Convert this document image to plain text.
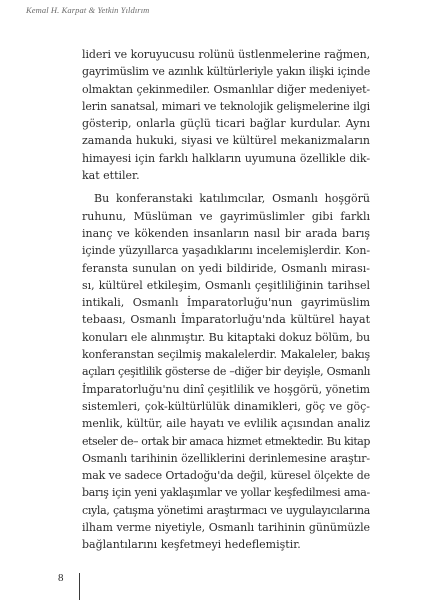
Kemal H. Karpat & Yetkin Yıldırım

lideri ve koruyucusu rolünü üstlenmelerine rağmen,
gayrimüslim ve azınlık kültürleriyle yakın ilişki içinde
olmaktan çekinmediler. Osmanlılar diğer medeniyet-
lerin sanatsal, mimari ve teknolojik gelişmelerine ilgi
gösterip, onlarla güçlü ticari bağlar kurdular. Aynı
zamanda hukuki, siyasi ve kültürel mekanizmaların
himayesi için farklı halkların uyumuna özellikle dik-
kat ettiler.

Bu konferanstaki katılımcılar, Osmanlı hoşgörü
ruhunu, Müslüman ve gayrimüslimler gibi farklı
inanç ve kökenden insanların nasıl bir arada barış
içinde yüzyıllarca yaşadıklarını incelemişlerdir. Kon-
feransta sunulan on yedi bildiride, Osmanlı mirası-
sı, kültürel etkileşim, Osmanlı çeşitliliğinin tarihsel
intikali, Osmanlı İmparatorluğu'nun gayrimüslim
tebaası, Osmanlı İmparatorluğu'nda kültürel hayat
konuları ele alınmıştır. Bu kitaptaki dokuz bölüm, bu
konferanstan seçilmiş makalelerdir. Makaleler, bakış
açıları çeşitlilik gösterse de –diğer bir deyişle, Osmanlı
İmparatorluğu'nu dinî çeşitlilik ve hoşgörü, yönetim
sistemleri, çok-kültürlülük dinamikleri, göç ve göç-
menlik, kültür, aile hayatı ve evlilik açısından analiz
etseler de– ortak bir amaca hizmet etmektedir. Bu kitap
Osmanlı tarihinin özelliklerini derinlemesine araştır-
mak ve sadece Ortadoğu'da değil, küresel ölçekte de
barış için yeni yaklaşımlar ve yollar keşfedilmesi ama-
cıyla, çatışma yönetimi araştırmacı ve uygulayıcılarına
ilham verme niyetiyle, Osmanlı tarihinin günümüzle
bağlantılarını keşfetmeyi hedeflemiştir.

8
